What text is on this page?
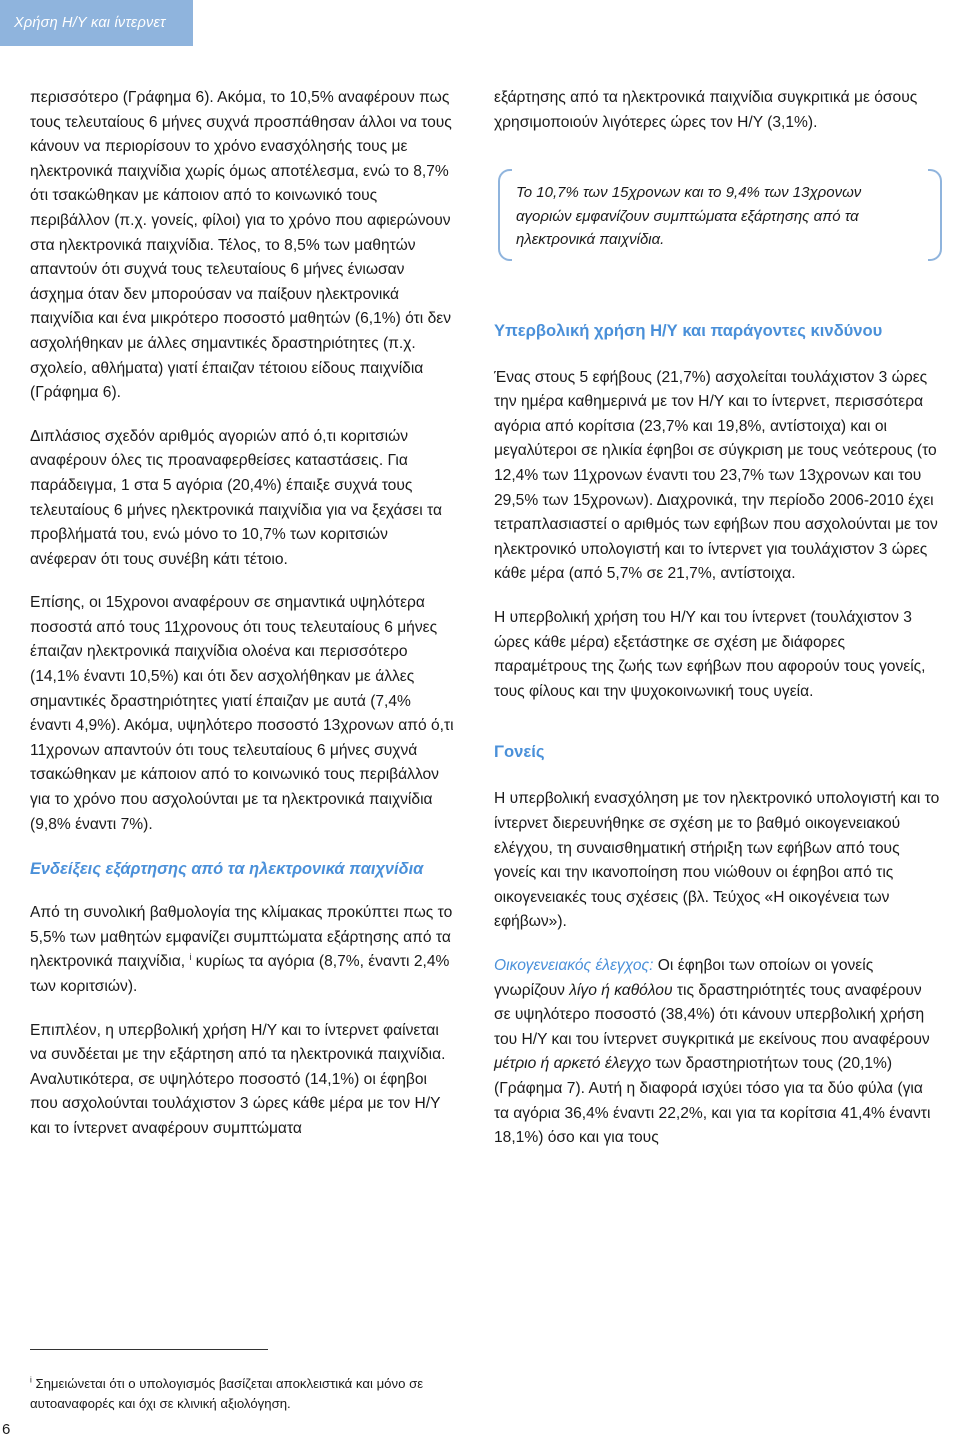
Χρήση Η/Υ και ίντερνετ

περισσότερο (Γράφημα 6). Ακόμα, το 10,5% αναφέρουν πως τους τελευταίους 6 μήνες συχνά προσπάθησαν άλλοι να τους κάνουν να περιορίσουν το χρόνο ενασχόλησής τους με ηλεκτρονικά παιχνίδια χωρίς όμως αποτέλεσμα, ενώ το 8,7% ότι τσακώθηκαν με κάποιον από το κοινωνικό τους περιβάλλον (π.χ. γονείς, φίλοι) για το χρόνο που αφιερώνουν στα ηλεκτρονικά παιχνίδια. Τέλος, το 8,5% των μαθητών απαντούν ότι συχνά τους τελευταίους 6 μήνες ένιωσαν άσχημα όταν δεν μπορούσαν να παίξουν ηλεκτρονικά παιχνίδια και ένα μικρότερο ποσοστό μαθητών (6,1%) ότι δεν ασχολήθηκαν με άλλες σημαντικές δραστηριότητες (π.χ. σχολείο, αθλήματα) γιατί έπαιζαν τέτοιου είδους παιχνίδια (Γράφημα 6).

Διπλάσιος σχεδόν αριθμός αγοριών από ό,τι κοριτσιών αναφέρουν όλες τις προαναφερθείσες καταστάσεις. Για παράδειγμα, 1 στα 5 αγόρια (20,4%) έπαιξε συχνά τους τελευταίους 6 μήνες ηλεκτρονικά παιχνίδια για να ξεχάσει τα προβλήματά του, ενώ μόνο το 10,7% των κοριτσιών ανέφεραν ότι τους συνέβη κάτι τέτοιο.

Επίσης, οι 15χρονοι αναφέρουν σε σημαντικά υψηλότερα ποσοστά από τους 11χρονους ότι τους τελευταίους 6 μήνες έπαιζαν ηλεκτρονικά παιχνίδια ολοένα και περισσότερο (14,1% έναντι 10,5%) και ότι δεν ασχολήθηκαν με άλλες σημαντικές δραστηριότητες γιατί έπαιζαν με αυτά (7,4% έναντι 4,9%). Ακόμα, υψηλότερο ποσοστό 13χρονων από ό,τι 11χρονων απαντούν ότι τους τελευταίους 6 μήνες συχνά τσακώθηκαν με κάποιον από το κοινωνικό τους περιβάλλον για το χρόνο που ασχολούνται με τα ηλεκτρονικά παιχνίδια (9,8% έναντι 7%).

Ενδείξεις εξάρτησης από τα ηλεκτρονικά παιχνίδια

Από τη συνολική βαθμολογία της κλίμακας προκύπτει πως το 5,5% των μαθητών εμφανίζει συμπτώματα εξάρτησης από τα ηλεκτρονικά παιχνίδια, $^i$ κυρίως τα αγόρια (8,7%, έναντι 2,4% των κοριτσιών).

Επιπλέον, η υπερβολική χρήση Η/Υ και το ίντερνετ φαίνεται να συνδέεται με την εξάρτηση από τα ηλεκτρονικά παιχνίδια. Αναλυτικότερα, σε υψηλότερο ποσοστό (14,1%) οι έφηβοι που ασχολούνται τουλάχιστον 3 ώρες κάθε μέρα με τον Η/Υ και το ίντερνετ αναφέρουν συμπτώματα

$^i$ Σημειώνεται ότι ο υπολογισμός βασίζεται αποκλειστικά και μόνο σε αυτοαναφορές και όχι σε κλινική αξιολόγηση.
6

εξάρτησης από τα ηλεκτρονικά παιχνίδια συγκριτικά με όσους χρησιμοποιούν λιγότερες ώρες τον Η/Υ (3,1%).

Το 10,7% των 15χρονων και το 9,4% των 13χρονων αγοριών εμφανίζουν συμπτώματα εξάρτησης από τα ηλεκτρονικά παιχνίδια.

Υπερβολική χρήση Η/Υ και παράγοντες κινδύνου

Ένας στους 5 εφήβους (21,7%) ασχολείται τουλάχιστον 3 ώρες την ημέρα καθημερινά με τον Η/Υ και το ίντερνετ, περισσότερα αγόρια από κορίτσια (23,7% και 19,8%, αντίστοιχα) και οι μεγαλύτεροι σε ηλικία έφηβοι σε σύγκριση με τους νεότερους (το 12,4% των 11χρονων έναντι του 23,7% των 13χρονων και του 29,5% των 15χρονων). Διαχρονικά, την περίοδο 2006-2010 έχει τετραπλασιαστεί ο αριθμός των εφήβων που ασχολούνται με τον ηλεκτρονικό υπολογιστή και το ίντερνετ για τουλάχιστον 3 ώρες κάθε μέρα (από 5,7% σε 21,7%, αντίστοιχα.

Η υπερβολική χρήση του Η/Υ και του ίντερνετ (τουλάχιστον 3 ώρες κάθε μέρα) εξετάστηκε σε σχέση με διάφορες παραμέτρους της ζωής των εφήβων που αφορούν τους γονείς, τους φίλους και την ψυχοκοινωνική τους υγεία.

Γονείς

Η υπερβολική ενασχόληση με τον ηλεκτρονικό υπολογιστή και το ίντερνετ διερευνήθηκε σε σχέση με το βαθμό οικογενειακού ελέγχου, τη συναισθηματική στήριξη των εφήβων από τους γονείς και την ικανοποίηση που νιώθουν οι έφηβοι από τις οικογενειακές τους σχέσεις (βλ. Τεύχος «Η οικογένεια των εφήβων»).

Οικογενειακός έλεγχος: Οι έφηβοι των οποίων οι γονείς γνωρίζουν λίγο ή καθόλου τις δραστηριότητές τους αναφέρουν σε υψηλότερο ποσοστό (38,4%) ότι κάνουν υπερβολική χρήση του Η/Υ και του ίντερνετ συγκριτικά με εκείνους που αναφέρουν μέτριο ή αρκετό έλεγχο των δραστηριοτήτων τους (20,1%) (Γράφημα 7). Αυτή η διαφορά ισχύει τόσο για τα δύο φύλα (για τα αγόρια 36,4% έναντι 22,2%, και για τα κορίτσια 41,4% έναντι 18,1%) όσο και για τους
